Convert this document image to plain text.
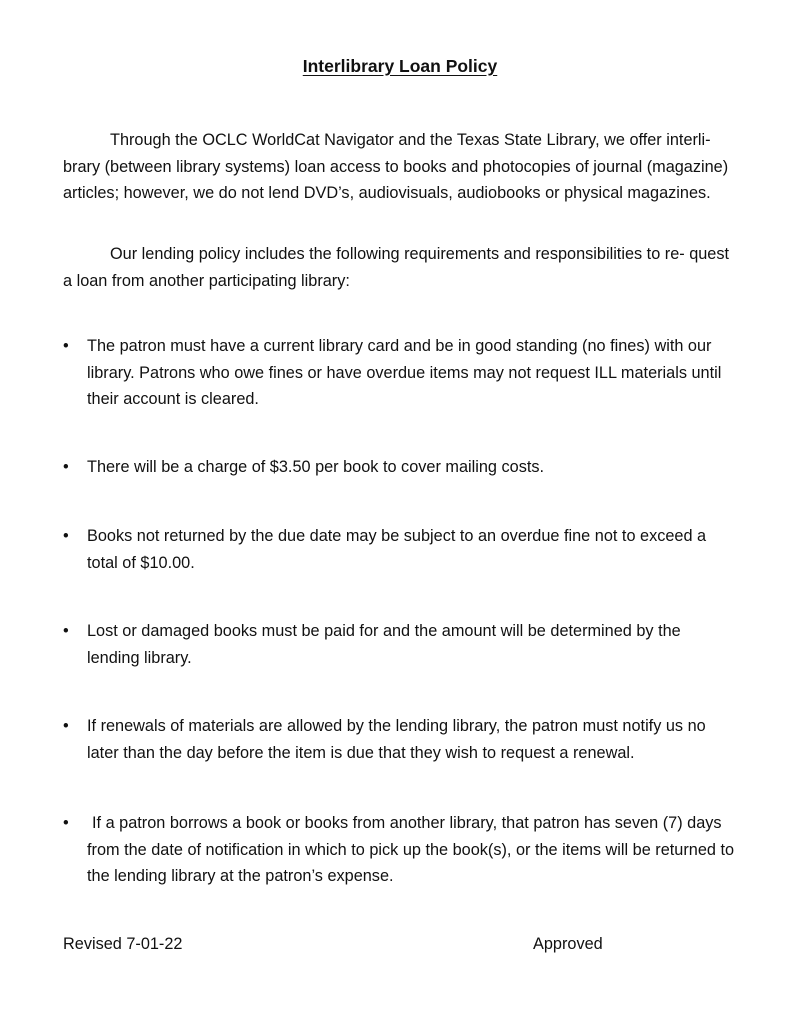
Interlibrary Loan Policy

Through the OCLC WorldCat Navigator and the Texas State Library, we offer interli- brary (between library systems) loan access to books and photocopies of journal (magazine) articles; however, we do not lend DVD’s, audiovisuals, audiobooks or physical magazines.

Our lending policy includes the following requirements and responsibilities to re- quest a loan from another participating library:

•	The patron must have a current library card and be in good standing (no fines) with our library. Patrons who owe fines or have overdue items may not request ILL materials until their account is cleared.
•	There will be a charge of $3.50 per book to cover mailing costs.
•	Books not returned by the due date may be subject to an overdue fine not to exceed a total of $10.00.
•	Lost or damaged books must be paid for and the amount will be determined by the lending library.
•	If renewals of materials are allowed by the lending library, the patron must notify us no later than the day before the item is due that they wish to request a renewal.
•	If a patron borrows a book or books from another library, that patron has seven (7) days from the date of notification in which to pick up the book(s), or the items will be returned to the lending library at the patron’s expense.
Revised 7-01-22	Approved
